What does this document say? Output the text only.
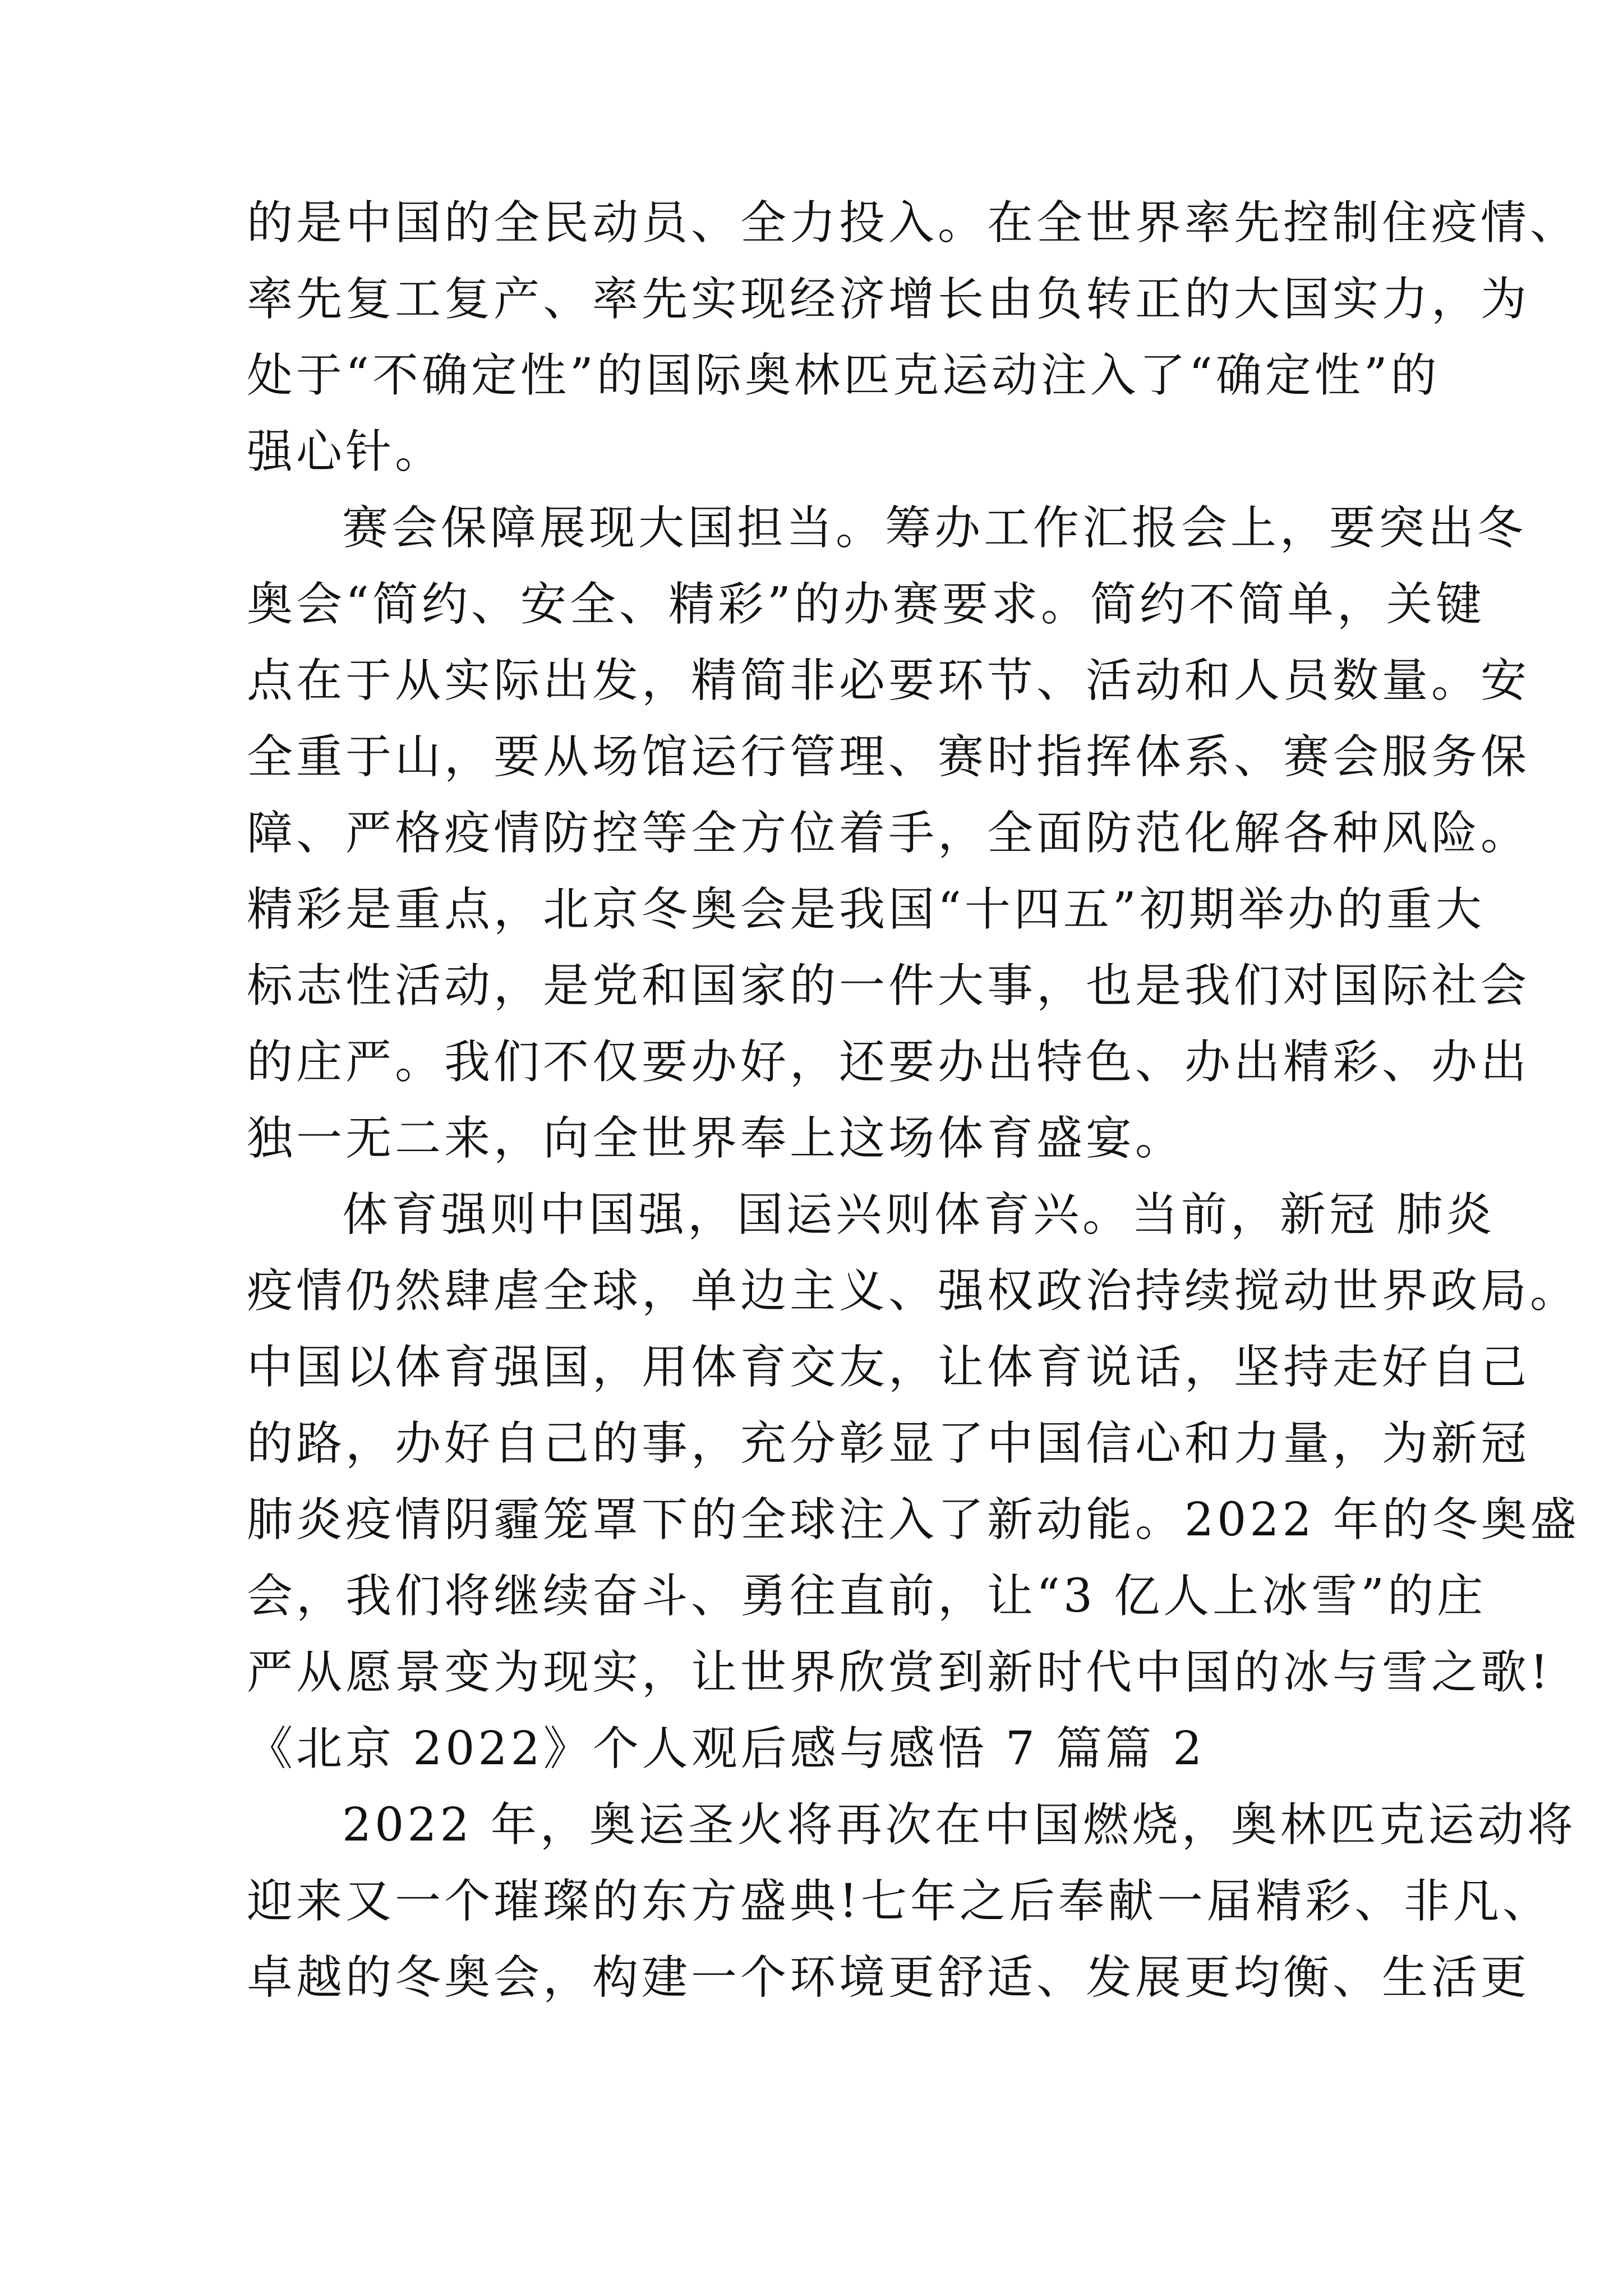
的是中国的全民动员、全力投入。在全世界率先控制住疫情、
率先复工复产、率先实现经济增长由负转正的大国实力，为
处于“不确定性”的国际奥林匹克运动注入了“确定性”的
强心针。
赛会保障展现大国担当。筹办工作汇报会上，要突出冬
奥会“简约、安全、精彩”的办赛要求。简约不简单，关键
点在于从实际出发，精简非必要环节、活动和人员数量。安
全重于山，要从场馆运行管理、赛时指挥体系、赛会服务保
障、严格疫情防控等全方位着手，全面防范化解各种风险。
精彩是重点，北京冬奥会是我国“十四五”初期举办的重大
标志性活动，是党和国家的一件大事，也是我们对国际社会
的庄严。我们不仅要办好，还要办出特色、办出精彩、办出
独一无二来，向全世界奉上这场体育盛宴。
体育强则中国强，国运兴则体育兴。当前，新冠 肺炎
疫情仍然肆虐全球，单边主义、强权政治持续搅动世界政局。
中国以体育强国，用体育交友，让体育说话，坚持走好自己
的路，办好自己的事，充分彰显了中国信心和力量，为新冠
肺炎疫情阴霾笼罩下的全球注入了新动能。2022 年的冬奥盛
会，我们将继续奋斗、勇往直前，让“3 亿人上冰雪”的庄
严从愿景变为现实，让世界欣赏到新时代中国的冰与雪之歌!
《北京 2022》个人观后感与感悟 7 篇篇 2
2022 年，奥运圣火将再次在中国燃烧，奥林匹克运动将
迎来又一个璀璨的东方盛典!七年之后奉献一届精彩、非凡、
卓越的冬奥会，构建一个环境更舒适、发展更均衡、生活更
